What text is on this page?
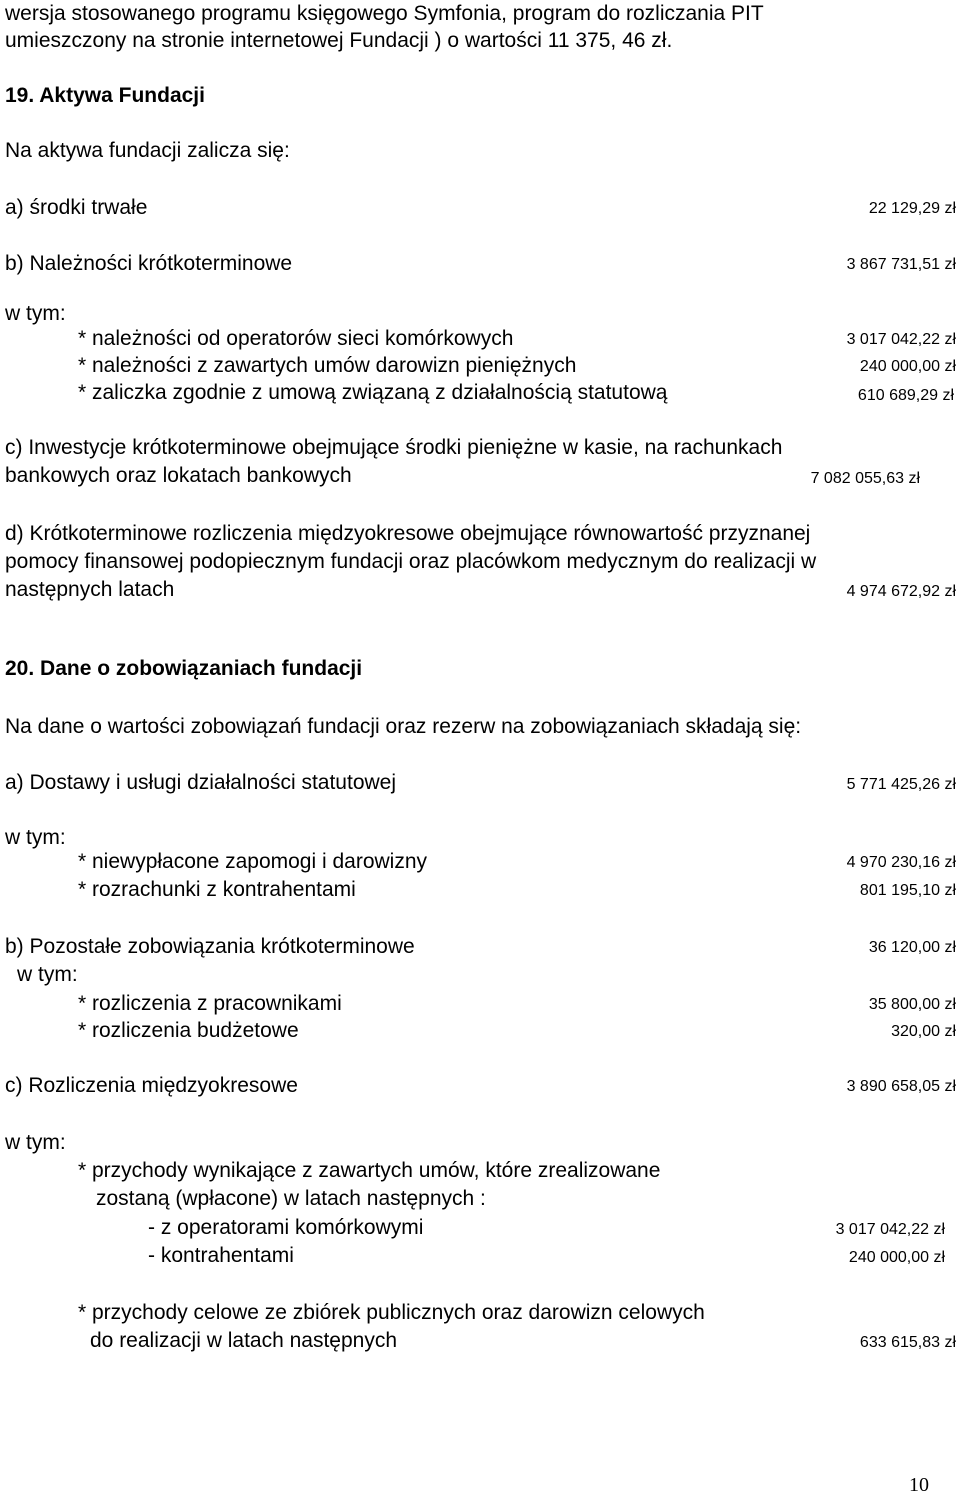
wersja stosowanego programu księgowego Symfonia, program do rozliczania PIT
umieszczony na stronie internetowej Fundacji ) o wartości 11 375, 46 zł.
19. Aktywa Fundacji
Na aktywa fundacji zalicza się:
a) środki trwałe	22 129,29 zł
b) Należności krótkoterminowe	3 867 731,51 zł
w tym:
* należności od operatorów sieci komórkowych	3 017 042,22 zł
* należności z zawartych umów darowizn pieniężnych	240 000,00 zł
* zaliczka zgodnie z umową związaną z działalnością statutową	610 689,29 zł
c) Inwestycje krótkoterminowe obejmujące środki pieniężne w kasie, na rachunkach
bankowych oraz lokatach bankowych	7 082 055,63 zł
d) Krótkoterminowe rozliczenia międzyokresowe obejmujące równowartość przyznanej
pomocy finansowej podopiecznym fundacji oraz placówkom medycznym do realizacji w
następnych latach	4 974 672,92 zł
20. Dane o zobowiązaniach fundacji
Na dane o wartości zobowiązań fundacji oraz rezerw na zobowiązaniach składają się:
a) Dostawy i usługi działalności statutowej	5 771 425,26 zł
w tym:
* niewypłacone zapomogi i darowizny	4 970 230,16 zł
* rozrachunki z kontrahentami	801 195,10 zł
b) Pozostałe zobowiązania krótkoterminowe	36 120,00 zł
w tym:
* rozliczenia z pracownikami	35 800,00 zł
* rozliczenia budżetowe	320,00 zł
c) Rozliczenia międzyokresowe	3 890 658,05 zł
w tym:
* przychody wynikające z zawartych umów, które zrealizowane
zostaną (wpłacone) w latach następnych :
- z operatorami komórkowymi	3 017 042,22 zł
- kontrahentami	240 000,00 zł
* przychody celowe ze zbiórek publicznych oraz darowizn celowych
do realizacji w latach następnych	633 615,83 zł
10
